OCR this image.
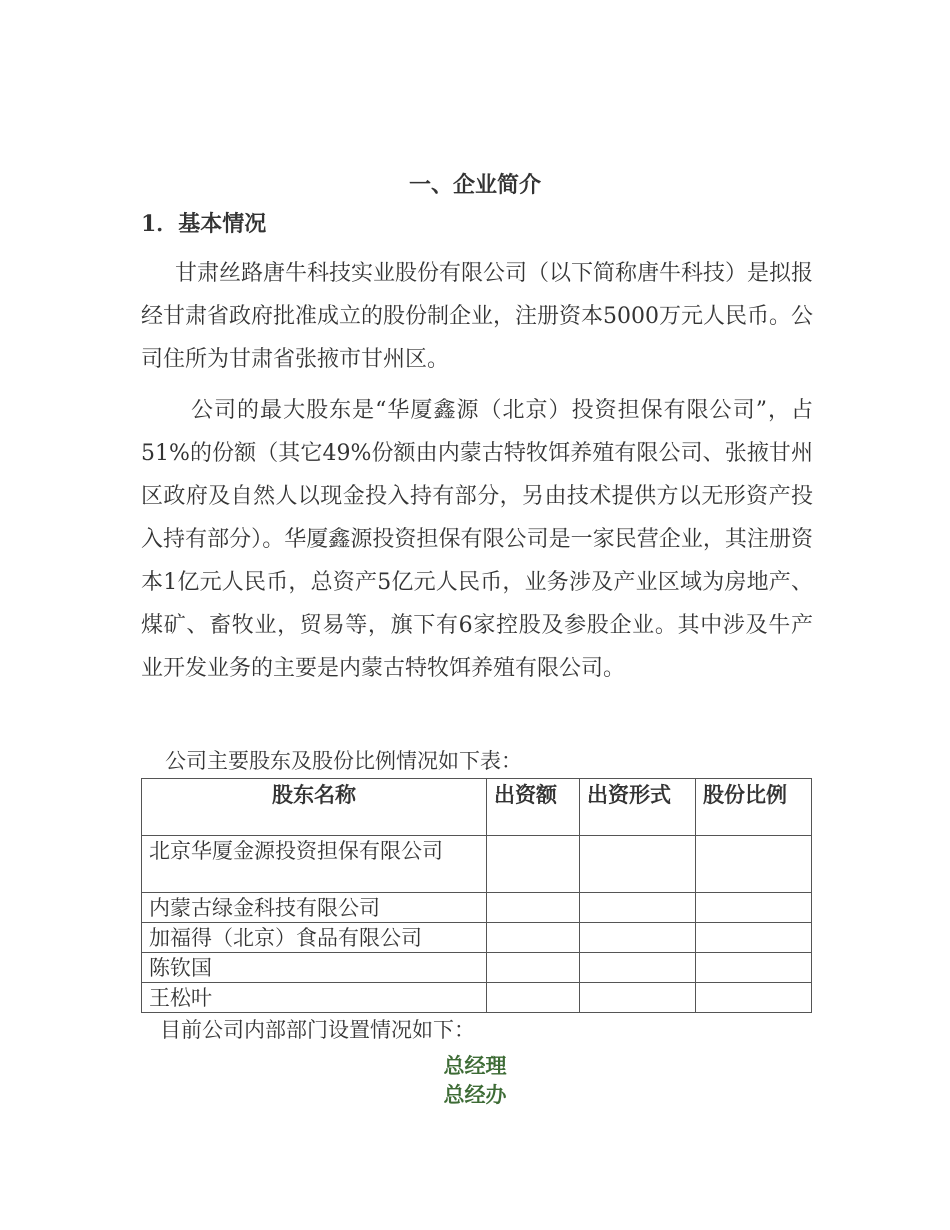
一、企业简介
1．基本情况

甘肃丝路唐牛科技实业股份有限公司（以下简称唐牛科技）是拟报经甘肃省政府批准成立的股份制企业，注册资本5000万元人民币。公司住所为甘肃省张掖市甘州区。

公司的最大股东是“华厦鑫源（北京）投资担保有限公司”，占51%的份额（其它49%份额由内蒙古特牧饵养殖有限公司、张掖甘州区政府及自然人以现金投入持有部分，另由技术提供方以无形资产投入持有部分）。华厦鑫源投资担保有限公司是一家民营企业，其注册资本1亿元人民币，总资产5亿元人民币，业务涉及产业区域为房地产、煤矿、畜牧业，贸易等，旗下有6家控股及参股企业。其中涉及牛产业开发业务的主要是内蒙古特牧饵养殖有限公司。

公司主要股东及股份比例情况如下表：

股东名称	出资额	出资形式	股份比例
北京华厦金源投资担保有限公司			
内蒙古绿金科技有限公司			
加福得（北京）食品有限公司			
陈钦国			
王松叶			

目前公司内部部门设置情况如下：

总经理

总经办
